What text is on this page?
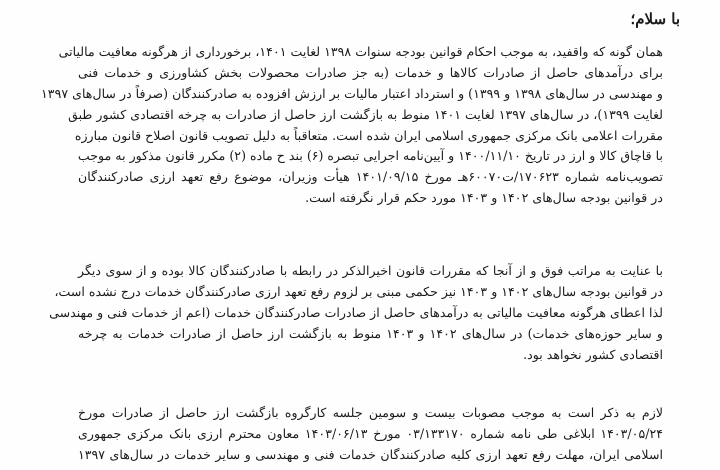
با سلام؛
همان گونه که واقفید، به موجب احکام قوانین بودجه سنوات ۱۳۹۸ لغایت ۱۴۰۱، برخورداری از هرگونه معافیت مالیاتی
برای درآمدهای حاصل از صادرات کالاها و خدمات (به جز صادرات محصولات بخش کشاورزی و خدمات فنی
و مهندسی در سال‌های ۱۳۹۸ و ۱۳۹۹) و استرداد اعتبار مالیات بر ارزش افزوده به صادرکنندگان (صرفاً در سال‌های ۱۳۹۷
لغایت ۱۳۹۹)، در سال‌های ۱۳۹۷ لغایت ۱۴۰۱ منوط به بازگشت ارز حاصل از صادرات به چرخه اقتصادی کشور طبق
مقررات اعلامی بانک مرکزی جمهوری اسلامی ایران شده است. متعاقباً به دلیل تصویب قانون اصلاح قانون مبارزه
با قاچاق کالا و ارز در تاریخ ۱۴۰۰/۱۱/۱۰ و آیین‌نامه اجرایی تبصره (۶) بند ح ماده (۲) مکرر قانون مذکور به موجب
تصویب‌نامه شماره ۱۷۰۶۲۳/ت۶۰۰۷۰هـ مورخ ۱۴۰۱/۰۹/۱۵ هیأت وزیران، موضوع رفع تعهد ارزی صادرکنندگان
در قوانین بودجه سال‌های ۱۴۰۲ و ۱۴۰۳ مورد حکم قرار نگرفته است.
با عنایت به مراتب فوق و از آنجا که مقررات قانون اخیرالذکر در رابطه با صادرکنندگان کالا بوده و از سوی دیگر
در قوانین بودجه سال‌های ۱۴۰۲ و ۱۴۰۳ نیز حکمی مبنی بر لزوم رفع تعهد ارزی صادرکنندگان خدمات درج نشده است،
لذا اعطای هرگونه معافیت مالیاتی به درآمدهای حاصل از صادرات صادرکنندگان خدمات (اعم از خدمات فنی و مهندسی
و سایر حوزه‌های خدمات) در سال‌های ۱۴۰۲ و ۱۴۰۳ منوط به بازگشت ارز حاصل از صادرات خدمات به چرخه
اقتصادی کشور نخواهد بود.
لازم به ذکر است به موجب مصوبات بیست و سومین جلسه کارگروه بازگشت ارز حاصل از صادرات مورخ
۱۴۰۳/۰۵/۲۴ ابلاغی طی نامه شماره ۰۳/۱۳۳۱۷۰ مورخ ۱۴۰۳/۰۶/۱۳ معاون محترم ارزی بانک مرکزی جمهوری
اسلامی ایران، مهلت رفع تعهد ارزی کلیه صادرکنندگان خدمات فنی و مهندسی و سایر خدمات در سال‌های ۱۳۹۷
